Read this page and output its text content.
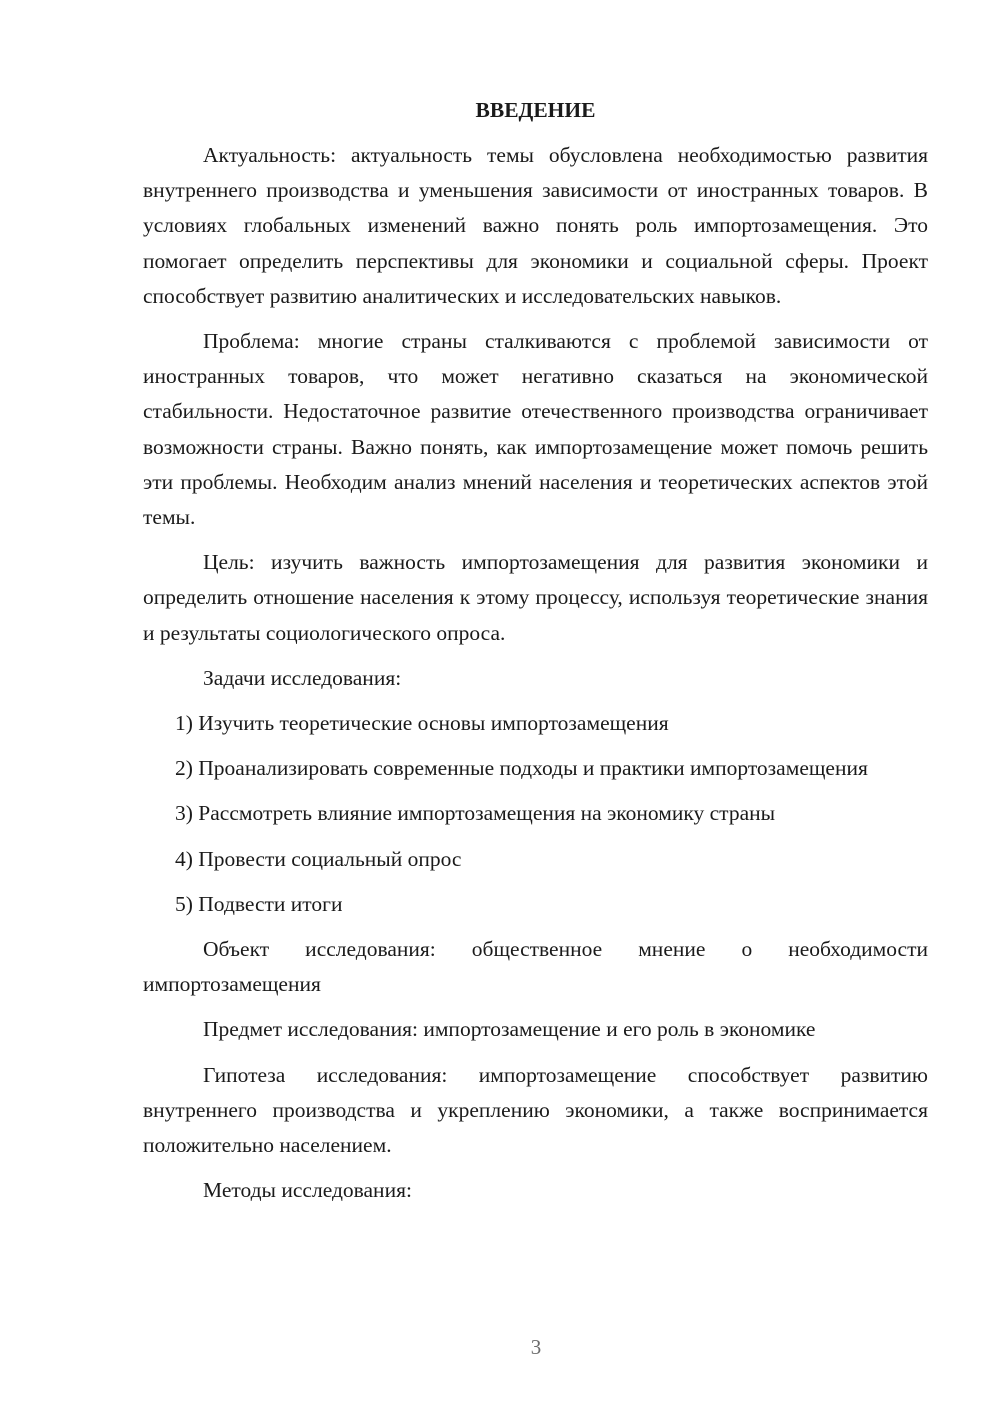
ВВЕДЕНИЕ

Актуальность: актуальность темы обусловлена необходимостью развития внутреннего производства и уменьшения зависимости от иностранных товаров. В условиях глобальных изменений важно понять роль импортозамещения. Это помогает определить перспективы для экономики и социальной сферы. Проект способствует развитию аналитических и исследовательских навыков.

Проблема: многие страны сталкиваются с проблемой зависимости от иностранных товаров, что может негативно сказаться на экономической стабильности. Недостаточное развитие отечественного производства ограничивает возможности страны. Важно понять, как импортозамещение может помочь решить эти проблемы. Необходим анализ мнений населения и теоретических аспектов этой темы.

Цель: изучить важность импортозамещения для развития экономики и определить отношение населения к этому процессу, используя теоретические знания и результаты социологического опроса.

Задачи исследования:

1) Изучить теоретические основы импортозамещения

2) Проанализировать современные подходы и практики импортозамещения

3) Рассмотреть влияние импортозамещения на экономику страны

4) Провести социальный опрос

5) Подвести итоги

Объект исследования: общественное мнение о необходимости импортозамещения

Предмет исследования: импортозамещение и его роль в экономике

Гипотеза исследования: импортозамещение способствует развитию внутреннего производства и укреплению экономики, а также воспринимается положительно населением.

Методы исследования:

3
